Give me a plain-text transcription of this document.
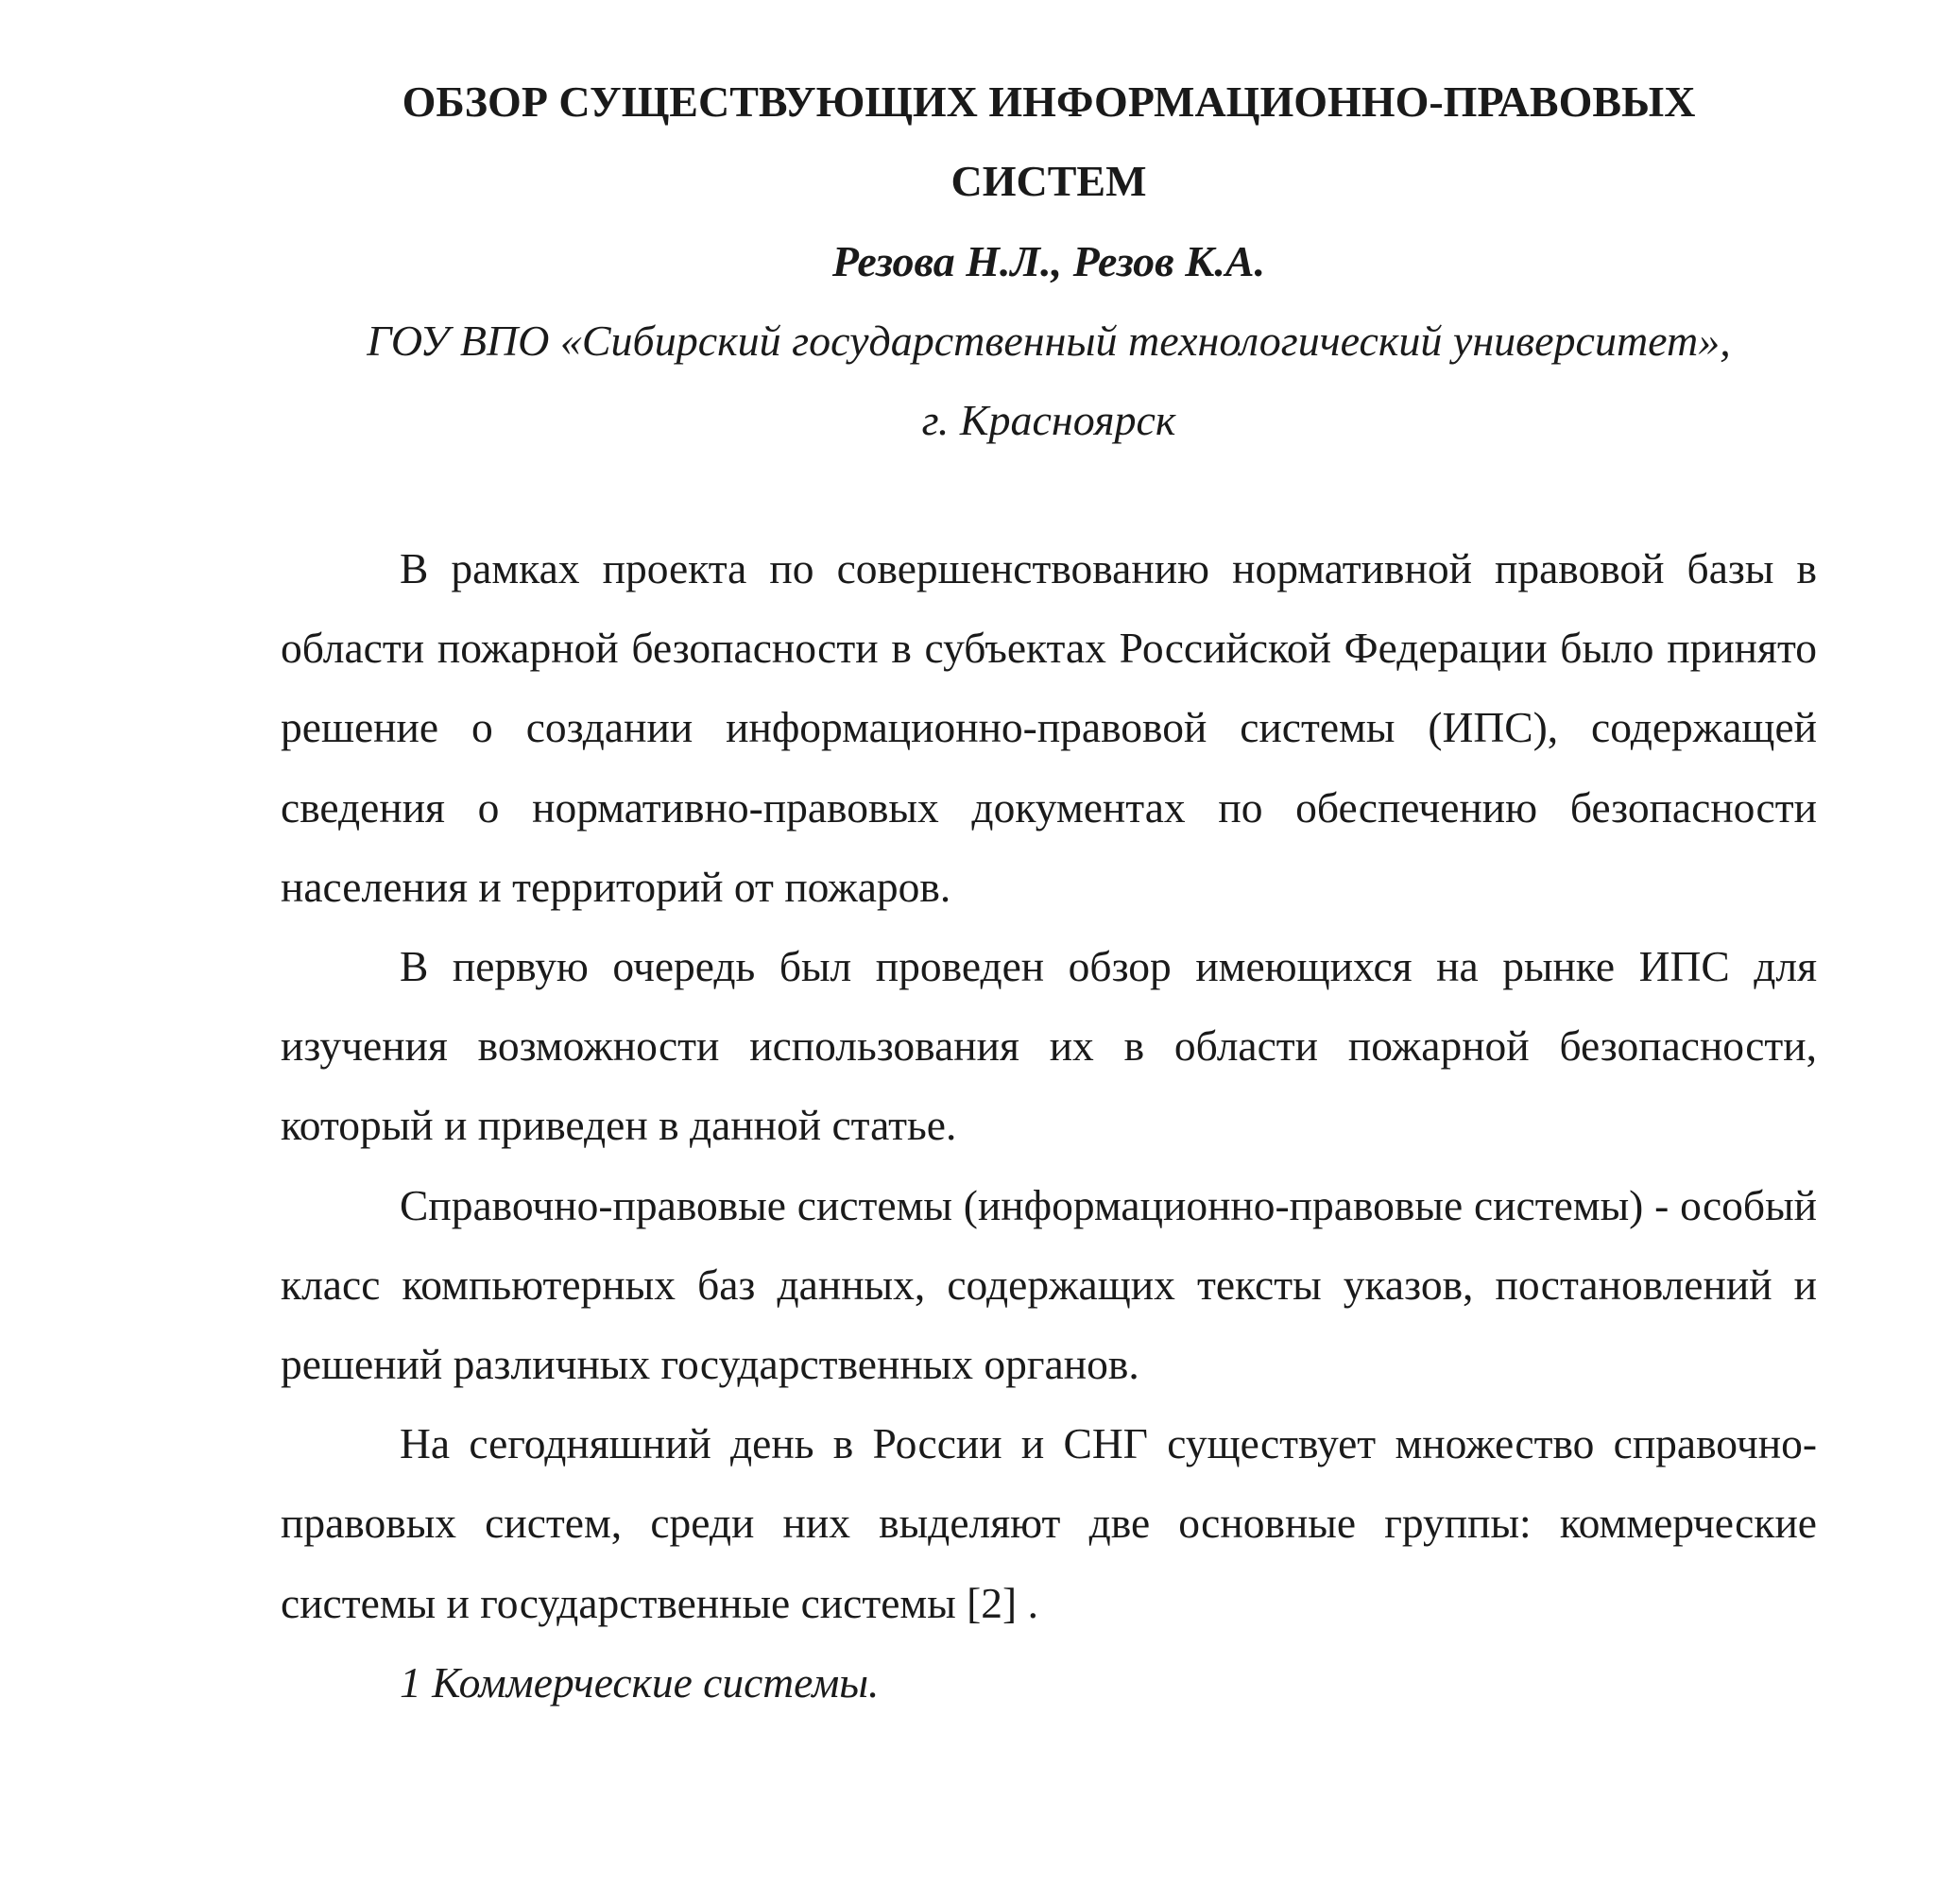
ОБЗОР СУЩЕСТВУЮЩИХ ИНФОРМАЦИОННО-ПРАВОВЫХ
СИСТЕМ
Резова Н.Л., Резов К.А.
ГОУ ВПО «Сибирский государственный технологический университет»,
г. Красноярск

В рамках проекта по совершенствованию нормативной правовой базы в области пожарной безопасности в субъектах Российской Федерации было принято решение о создании информационно-правовой системы (ИПС), содержащей сведения о нормативно-правовых документах по обеспечению безопасности населения и территорий от пожаров.

В первую очередь был проведен обзор имеющихся на рынке ИПС для изучения возможности использования их в области пожарной безопасности, который и приведен в данной статье.

Справочно-правовые системы (информационно-правовые системы) - особый класс компьютерных баз данных, содержащих тексты указов, постановлений и решений различных государственных органов.

На сегодняшний день в России и СНГ существует множество справочно-правовых систем, среди них выделяют две основные группы: коммерческие системы и государственные системы [2] .

1 Коммерческие системы.
